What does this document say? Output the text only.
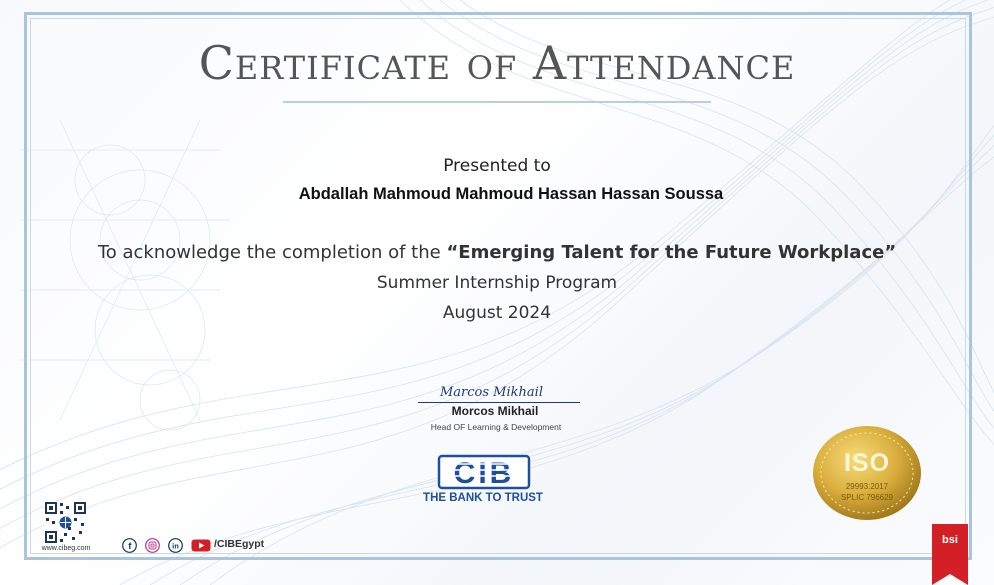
Certificate of Attendance
Presented to
Abdallah Mahmoud Mahmoud Hassan Hassan Soussa
To acknowledge the completion of the “Emerging Talent for the Future Workplace”
Summer Internship Program
August 2024
Marcos Mikhail
Morcos Mikhail
Head OF Learning & Development
CIB
THE BANK TO TRUST
ISO
29993:2017
SPLIC 796629
bsi
www.cibeg.com	f	in	/CIBEgypt
